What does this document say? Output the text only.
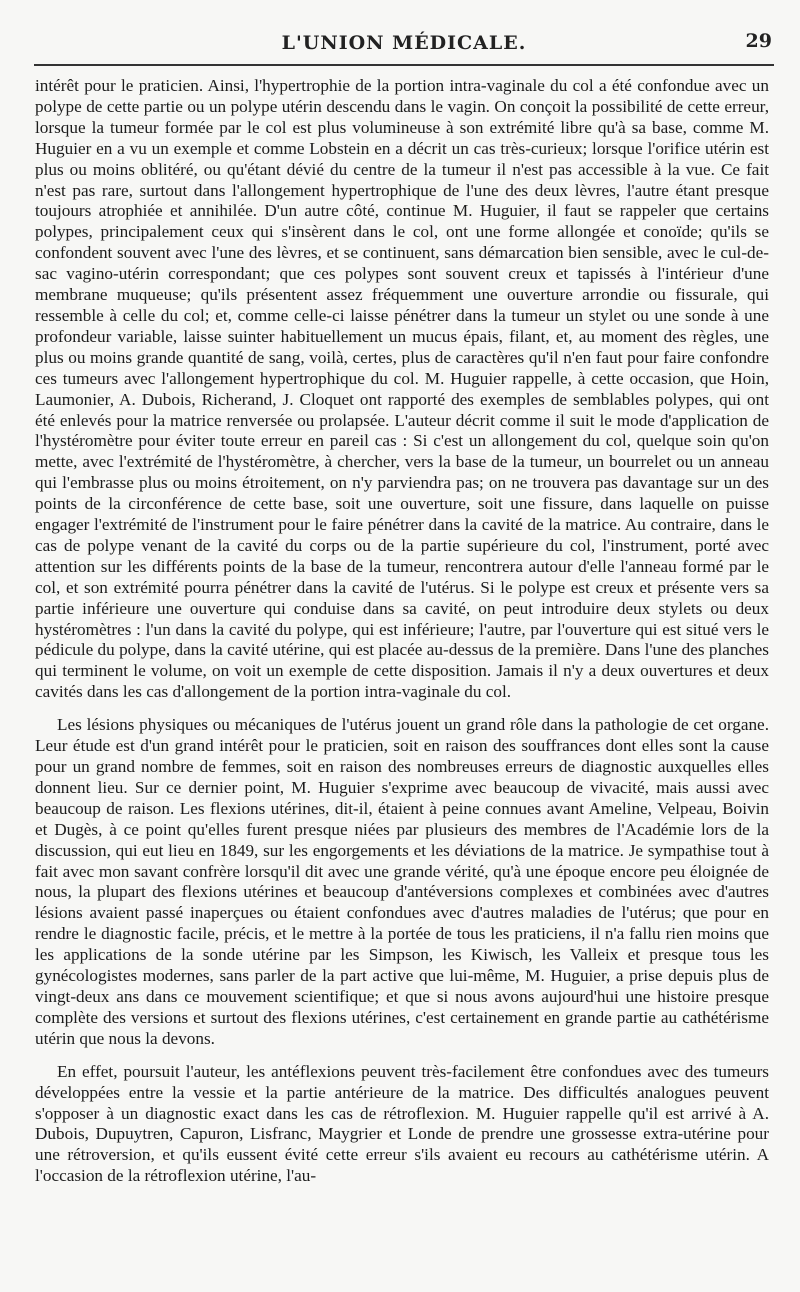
L'UNION MÉDICALE.	29

intérêt pour le praticien. Ainsi, l'hypertrophie de la portion intra-vaginale du col a été confondue avec un polype de cette partie ou un polype utérin descendu dans le vagin. On conçoit la possibilité de cette erreur, lorsque la tumeur formée par le col est plus volumineuse à son extrémité libre qu'à sa base, comme M. Huguier en a vu un exemple et comme Lobstein en a décrit un cas très-curieux; lorsque l'orifice utérin est plus ou moins oblitéré, ou qu'étant dévié du centre de la tumeur il n'est pas accessible à la vue. Ce fait n'est pas rare, surtout dans l'allongement hypertrophique de l'une des deux lèvres, l'autre étant presque toujours atrophiée et annihilée. D'un autre côté, continue M. Huguier, il faut se rappeler que certains polypes, principalement ceux qui s'insèrent dans le col, ont une forme allongée et conoïde; qu'ils se confondent souvent avec l'une des lèvres, et se continuent, sans démarcation bien sensible, avec le cul-de-sac vagino-utérin correspondant; que ces polypes sont souvent creux et tapissés à l'intérieur d'une membrane muqueuse; qu'ils présentent assez fréquemment une ouverture arrondie ou fissurale, qui ressemble à celle du col; et, comme celle-ci laisse pénétrer dans la tumeur un stylet ou une sonde à une profondeur variable, laisse suinter habituellement un mucus épais, filant, et, au moment des règles, une plus ou moins grande quantité de sang, voilà, certes, plus de caractères qu'il n'en faut pour faire confondre ces tumeurs avec l'allongement hypertrophique du col. M. Huguier rappelle, à cette occasion, que Hoin, Laumonier, A. Dubois, Richerand, J. Cloquet ont rapporté des exemples de semblables polypes, qui ont été enlevés pour la matrice renversée ou prolapsée. L'auteur décrit comme il suit le mode d'application de l'hystéromètre pour éviter toute erreur en pareil cas : Si c'est un allongement du col, quelque soin qu'on mette, avec l'extrémité de l'hystéromètre, à chercher, vers la base de la tumeur, un bourrelet ou un anneau qui l'embrasse plus ou moins étroitement, on n'y parviendra pas; on ne trouvera pas davantage sur un des points de la circonférence de cette base, soit une ouverture, soit une fissure, dans laquelle on puisse engager l'extrémité de l'instrument pour le faire pénétrer dans la cavité de la matrice. Au contraire, dans le cas de polype venant de la cavité du corps ou de la partie supérieure du col, l'instrument, porté avec attention sur les différents points de la base de la tumeur, rencontrera autour d'elle l'anneau formé par le col, et son extrémité pourra pénétrer dans la cavité de l'utérus. Si le polype est creux et présente vers sa partie inférieure une ouverture qui conduise dans sa cavité, on peut introduire deux stylets ou deux hystéromètres : l'un dans la cavité du polype, qui est inférieure; l'autre, par l'ouverture qui est situé vers le pédicule du polype, dans la cavité utérine, qui est placée au-dessus de la première. Dans l'une des planches qui terminent le volume, on voit un exemple de cette disposition. Jamais il n'y a deux ouvertures et deux cavités dans les cas d'allongement de la portion intra-vaginale du col.

Les lésions physiques ou mécaniques de l'utérus jouent un grand rôle dans la pathologie de cet organe. Leur étude est d'un grand intérêt pour le praticien, soit en raison des souffrances dont elles sont la cause pour un grand nombre de femmes, soit en raison des nombreuses erreurs de diagnostic auxquelles elles donnent lieu. Sur ce dernier point, M. Huguier s'exprime avec beaucoup de vivacité, mais aussi avec beaucoup de raison. Les flexions utérines, dit-il, étaient à peine connues avant Ameline, Velpeau, Boivin et Dugès, à ce point qu'elles furent presque niées par plusieurs des membres de l'Académie lors de la discussion, qui eut lieu en 1849, sur les engorgements et les déviations de la matrice. Je sympathise tout à fait avec mon savant confrère lorsqu'il dit avec une grande vérité, qu'à une époque encore peu éloignée de nous, la plupart des flexions utérines et beaucoup d'antéversions complexes et combinées avec d'autres lésions avaient passé inaperçues ou étaient confondues avec d'autres maladies de l'utérus; que pour en rendre le diagnostic facile, précis, et le mettre à la portée de tous les praticiens, il n'a fallu rien moins que les applications de la sonde utérine par les Simpson, les Kiwisch, les Valleix et presque tous les gynécologistes modernes, sans parler de la part active que lui-même, M. Huguier, a prise depuis plus de vingt-deux ans dans ce mouvement scientifique; et que si nous avons aujourd'hui une histoire presque complète des versions et surtout des flexions utérines, c'est certainement en grande partie au cathétérisme utérin que nous la devons.

En effet, poursuit l'auteur, les antéflexions peuvent très-facilement être confondues avec des tumeurs développées entre la vessie et la partie antérieure de la matrice. Des difficultés analogues peuvent s'opposer à un diagnostic exact dans les cas de rétroflexion. M. Huguier rappelle qu'il est arrivé à A. Dubois, Dupuytren, Capuron, Lisfranc, Maygrier et Londe de prendre une grossesse extra-utérine pour une rétroversion, et qu'ils eussent évité cette erreur s'ils avaient eu recours au cathétérisme utérin. A l'occasion de la rétroflexion utérine, l'au-
